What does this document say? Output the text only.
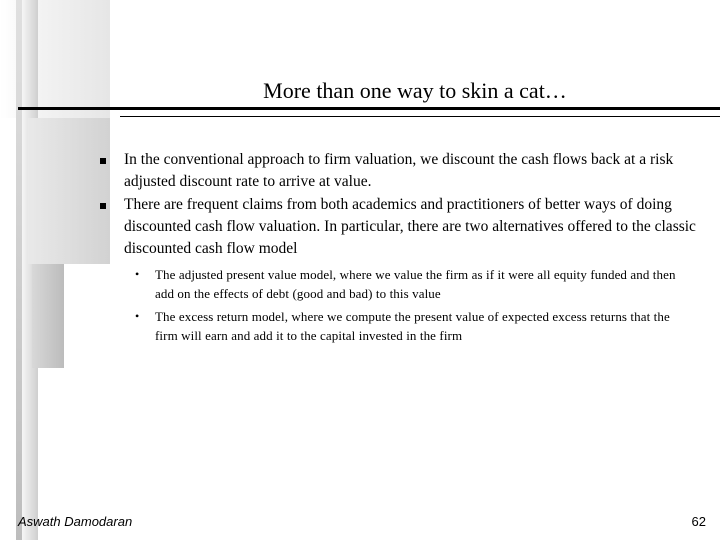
More than one way to skin a cat…
In the conventional approach to firm valuation, we discount the cash flows back at a risk adjusted discount rate to arrive at value.
There are frequent claims from both academics and practitioners of better ways of doing discounted cash flow valuation. In particular, there are two alternatives offered to the classic discounted cash flow model
• The adjusted present value model, where we value the firm as if it were all equity funded and then add on the effects of debt (good and bad) to this value
• The excess return model, where we compute the present value of expected excess returns that the firm will earn and add it to the capital invested in the firm
Aswath Damodaran	62
